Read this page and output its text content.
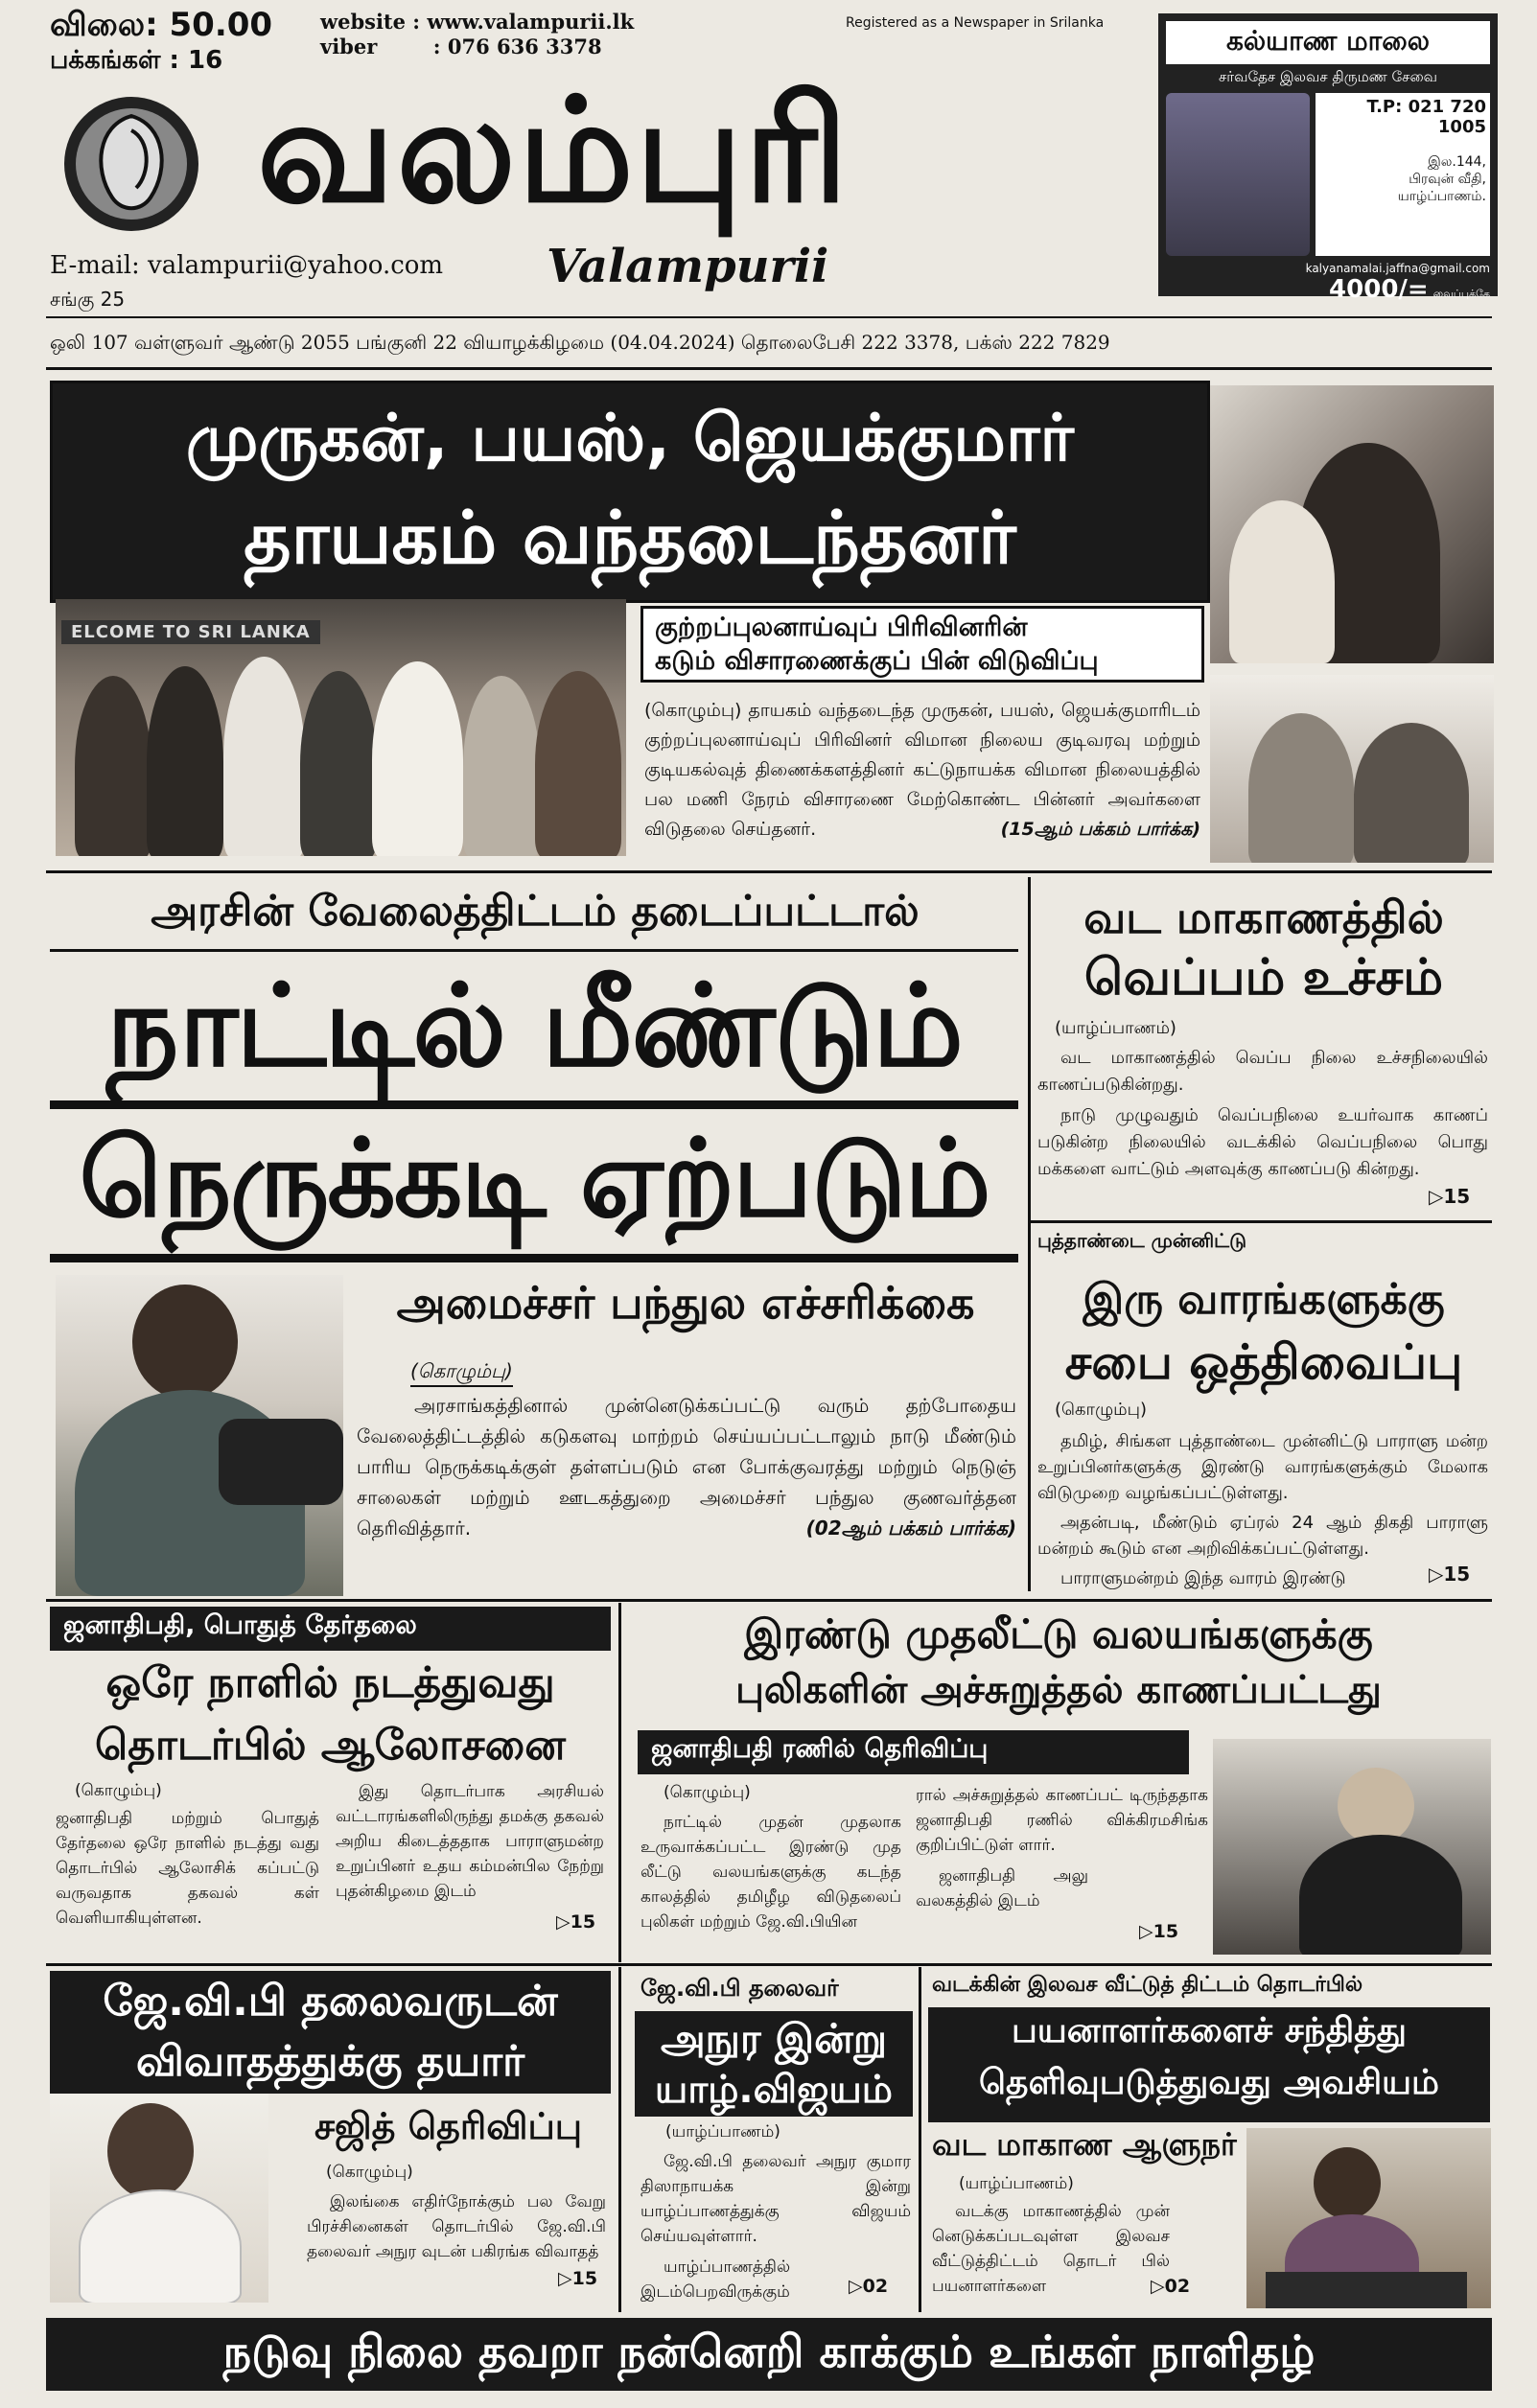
விலை: 50.00
பக்கங்கள் : 16
website : www.valampurii.lk
viber        : 076 636 3378
Registered as a Newspaper in Srilanka
வலம்புரி
Valampurii
E-mail: valampurii@yahoo.com
சங்கு 25
கல்யாண மாலை
சர்வதேச இலவச திருமண சேவை
T.P: 021 720 1005
இல.144,
பிரவுன் வீதி,
யாழ்ப்பாணம்.
kalyanamalai.jaffna@gmail.com
4000/= வைப்புக்கே
ஒலி 107 வள்ளுவர் ஆண்டு 2055 பங்குனி 22 வியாழக்கிழமை (04.04.2024) தொலைபேசி 222 3378, பக்ஸ் 222 7829
முருகன், பயஸ், ஜெயக்குமார்
தாயகம் வந்தடைந்தனர்
ELCOME TO SRI LANKA	குற்றப்புலனாய்வுப் பிரிவினரின்
கடும் விசாரணைக்குப் பின் விடுவிப்பு
(கொழும்பு) தாயகம் வந்தடைந்த முருகன், பயஸ், ஜெயக்குமாரிடம் குற்றப்புலனாய்வுப் பிரிவினர் விமான நிலைய குடிவரவு மற்றும் குடியகல்வுத் திணைக்களத்தினர் கட்டுநாயக்க விமான நிலையத்தில் பல மணி நேரம் விசாரணை மேற்கொண்ட பின்னர் அவர்களை விடுதலை செய்தனர்.	(15ஆம் பக்கம் பார்க்க)
அரசின் வேலைத்திட்டம் தடைப்பட்டால்
நாட்டில் மீண்டும்
நெருக்கடி ஏற்படும்
அமைச்சர் பந்துல எச்சரிக்கை
(கொழும்பு)
அரசாங்கத்தினால் முன்னெடுக்கப்பட்டு வரும் தற்போதைய வேலைத்திட்டத்தில் கடுகளவு மாற்றம் செய்யப்பட்டாலும் நாடு மீண்டும் பாரிய நெருக்கடிக்குள் தள்ளப்படும் என போக்குவரத்து மற்றும் நெடுஞ் சாலைகள் மற்றும் ஊடகத்துறை அமைச்சர் பந்துல குணவர்த்தன தெரிவித்தார்.	(02ஆம் பக்கம் பார்க்க)
வட மாகாணத்தில்
வெப்பம் உச்சம்
(யாழ்ப்பாணம்)
வட மாகாணத்தில் வெப்ப நிலை உச்சநிலையில் காணப்படுகின்றது.
நாடு முழுவதும் வெப்பநிலை உயர்வாக காணப் படுகின்ற நிலையில் வடக்கில் வெப்பநிலை பொது மக்களை வாட்டும் அளவுக்கு காணப்படு கின்றது.
▷15
புத்தாண்டை முன்னிட்டு
இரு வாரங்களுக்கு
சபை ஒத்திவைப்பு
(கொழும்பு)
தமிழ், சிங்கள புத்தாண்டை முன்னிட்டு பாராளு மன்ற உறுப்பினர்களுக்கு இரண்டு வாரங்களுக்கும் மேலாக விடுமுறை வழங்கப்பட்டுள்ளது.
அதன்படி, மீண்டும் ஏப்ரல் 24 ஆம் திகதி பாராளு மன்றம் கூடும் என அறிவிக்கப்பட்டுள்ளது.
பாராளுமன்றம் இந்த வாரம் இரண்டு	▷15
ஜனாதிபதி, பொதுத் தேர்தலை
ஒரே நாளில் நடத்துவது
தொடர்பில் ஆலோசனை
(கொழும்பு)
ஜனாதிபதி மற்றும் பொதுத் தேர்தலை ஒரே நாளில் நடத்து வது தொடர்பில் ஆலோசிக் கப்பட்டு வருவதாக தகவல் கள் வெளியாகியுள்ளன.
இது தொடர்பாக அரசியல் வட்டாரங்களிலிருந்து தமக்கு தகவல் அறிய கிடைத்ததாக பாராளுமன்ற உறுப்பினர் உதய கம்மன்பில நேற்று புதன்கிழமை இடம்
▷15
இரண்டு முதலீட்டு வலயங்களுக்கு
புலிகளின் அச்சுறுத்தல் காணப்பட்டது
ஜனாதிபதி ரணில் தெரிவிப்பு
(கொழும்பு)
நாட்டில் முதன் முதலாக உருவாக்கப்பட்ட இரண்டு முத லீட்டு வலயங்களுக்கு கடந்த காலத்தில் தமிழீழ விடுதலைப் புலிகள் மற்றும் ஜே.வி.பியின
ரால் அச்சுறுத்தல் காணப்பட் டிருந்ததாக ஜனாதிபதி ரணில் விக்கிரமசிங்க குறிப்பிட்டுள் ளார்.
ஜனாதிபதி அலு வலகத்தில் இடம்
▷15
ஜே.வி.பி தலைவருடன்
விவாதத்துக்கு தயார்
சஜித் தெரிவிப்பு
(கொழும்பு)
இலங்கை எதிர்நோக்கும் பல வேறு பிரச்சினைகள் தொடர்பில் ஜே.வி.பி தலைவர் அநுர வுடன் பகிரங்க விவாதத்
▷15
ஜே.வி.பி தலைவர்
அநுர இன்று
யாழ்.விஜயம்
(யாழ்ப்பாணம்)
ஜே.வி.பி தலைவர் அநுர குமார திஸாநாயக்க இன்று யாழ்ப்பாணத்துக்கு விஜயம் செய்யவுள்ளார்.
யாழ்ப்பாணத்தில் இடம்பெறவிருக்கும்	▷02
வடக்கின் இலவச வீட்டுத் திட்டம் தொடர்பில்
பயனாளர்களைச் சந்தித்து
தெளிவுபடுத்துவது அவசியம்
வட மாகாண ஆளுநர்
(யாழ்ப்பாணம்)
வடக்கு மாகாணத்தில் முன் னெடுக்கப்படவுள்ள இலவச வீட்டுத்திட்டம் தொடர் பில் பயனாளர்களை	▷02
நடுவு நிலை தவறா நன்னெறி காக்கும் உங்கள் நாளிதழ்
